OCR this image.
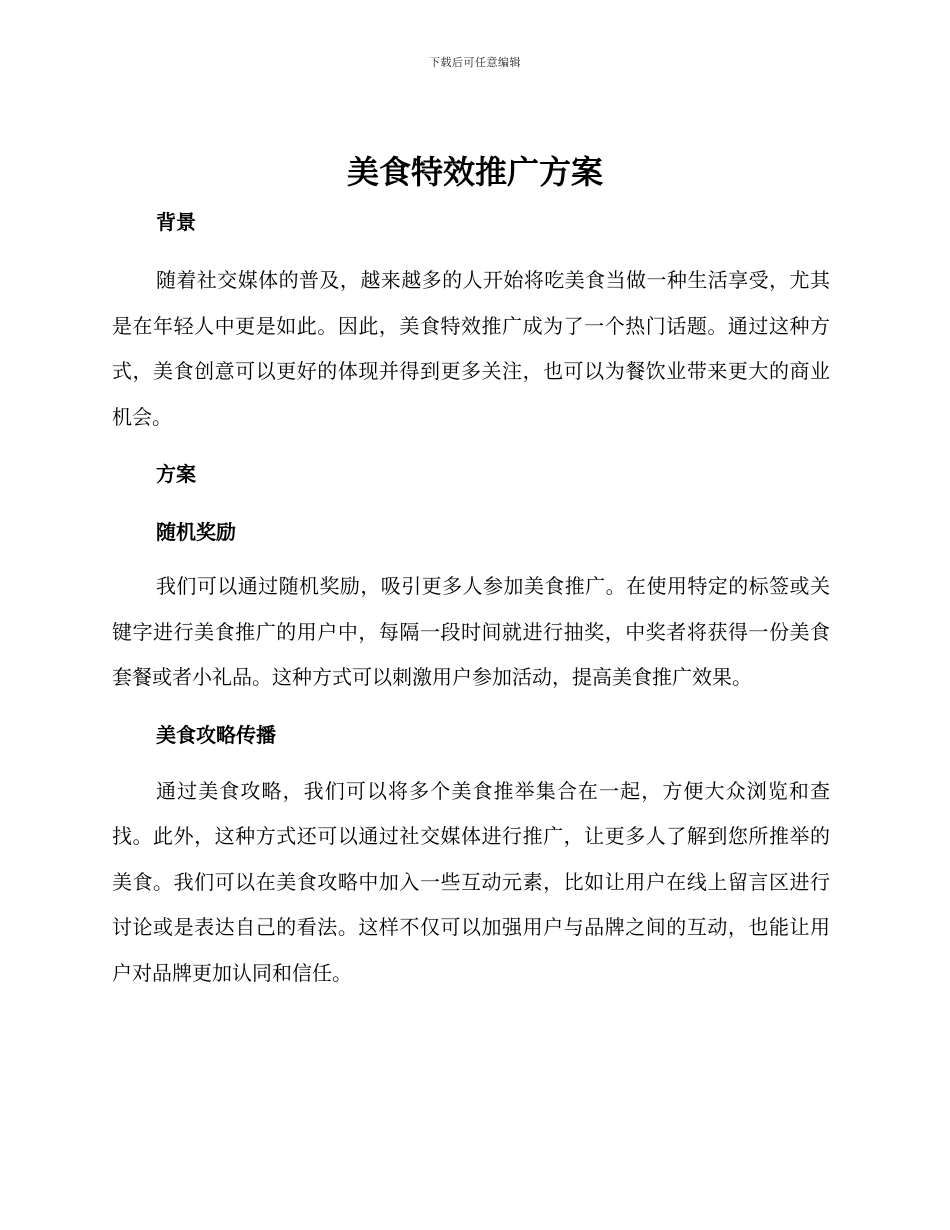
下载后可任意编辑
美食特效推广方案
背景

随着社交媒体的普及，越来越多的人开始将吃美食当做一种生活享受，尤其是在年轻人中更是如此。因此，美食特效推广成为了一个热门话题。通过这种方式，美食创意可以更好的体现并得到更多关注，也可以为餐饮业带来更大的商业机会。

方案
随机奖励

我们可以通过随机奖励，吸引更多人参加美食推广。在使用特定的标签或关键字进行美食推广的用户中，每隔一段时间就进行抽奖，中奖者将获得一份美食套餐或者小礼品。这种方式可以刺激用户参加活动，提高美食推广效果。

美食攻略传播

通过美食攻略，我们可以将多个美食推举集合在一起，方便大众浏览和查找。此外，这种方式还可以通过社交媒体进行推广，让更多人了解到您所推举的美食。我们可以在美食攻略中加入一些互动元素，比如让用户在线上留言区进行讨论或是表达自己的看法。这样不仅可以加强用户与品牌之间的互动，也能让用户对品牌更加认同和信任。
